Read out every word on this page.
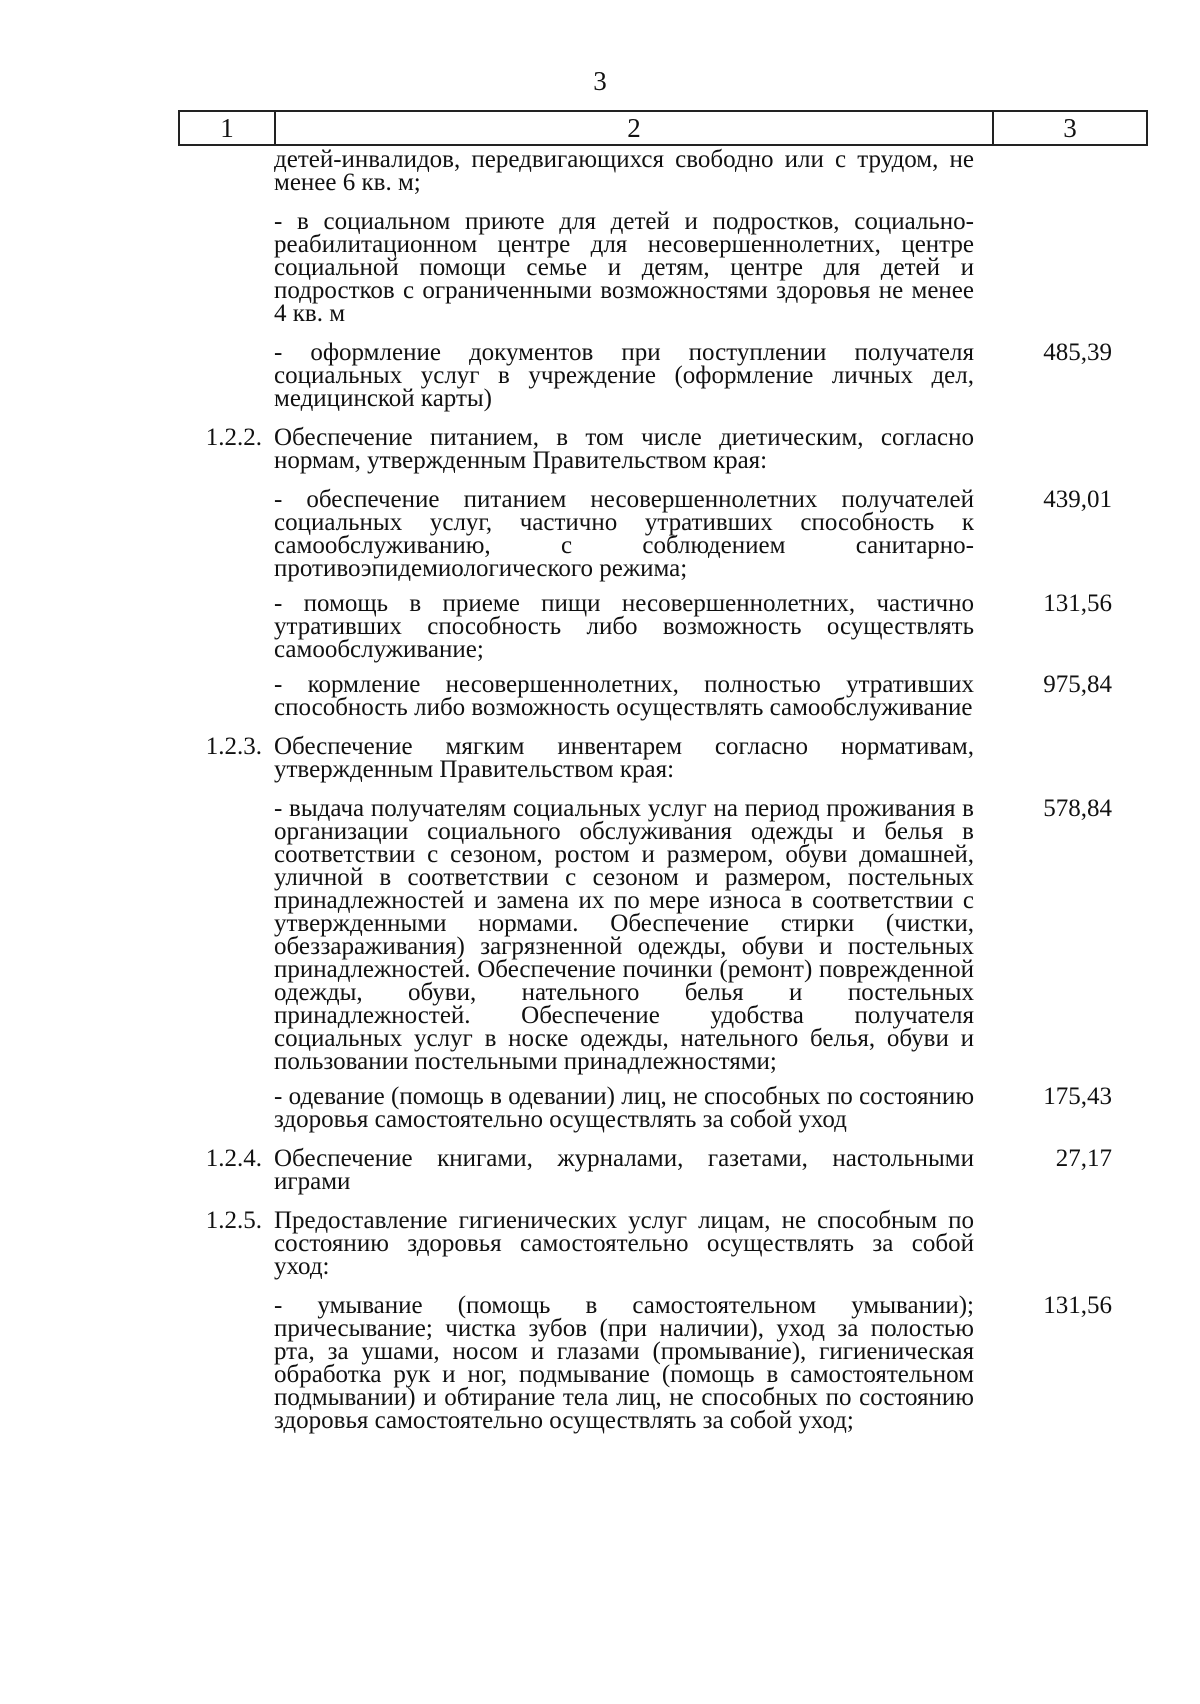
3
1	2	3
детей-инвалидов, передвигающихся свободно или с трудом, не менее 6 кв. м;
- в социальном приюте для детей и подростков, социально-реабилитационном центре для несовершеннолетних, центре социальной помощи семье и детям, центре для детей и подростков с ограниченными возможностями здоровья не менее 4 кв. м
- оформление документов при поступлении получателя социальных услуг в учреждение (оформление личных дел, медицинской карты)
485,39
1.2.2. Обеспечение питанием, в том числе диетическим, согласно нормам, утвержденным Правительством края:
- обеспечение питанием несовершеннолетних получателей социальных услуг, частично утративших способность к самообслуживанию, с соблюдением санитарно-противоэпидемиологического режима;
439,01
- помощь в приеме пищи несовершеннолетних, частично утративших способность либо возможность осуществлять самообслуживание;
131,56
- кормление несовершеннолетних, полностью утративших способность либо возможность осуществлять самообслуживание
975,84
1.2.3. Обеспечение мягким инвентарем согласно нормативам, утвержденным Правительством края:
- выдача получателям социальных услуг на период проживания в организации социального обслуживания одежды и белья в соответствии с сезоном, ростом и размером, обуви домашней, уличной в соответствии с сезоном и размером, постельных принадлежностей и замена их по мере износа в соответствии с утвержденными нормами. Обеспечение стирки (чистки, обеззараживания) загрязненной одежды, обуви и постельных принадлежностей. Обеспечение починки (ремонт) поврежденной одежды, обуви, нательного белья и постельных принадлежностей. Обеспечение удобства получателя социальных услуг в носке одежды, нательного белья, обуви и пользовании постельными принадлежностями;
578,84
- одевание (помощь в одевании) лиц, не способных по состоянию здоровья самостоятельно осуществлять за собой уход
175,43
1.2.4. Обеспечение книгами, журналами, газетами, настольными играми
27,17
1.2.5. Предоставление гигиенических услуг лицам, не способным по состоянию здоровья самостоятельно осуществлять за собой уход:
- умывание (помощь в самостоятельном умывании); причесывание; чистка зубов (при наличии), уход за полостью рта, за ушами, носом и глазами (промывание), гигиеническая обработка рук и ног, подмывание (помощь в самостоятельном подмывании) и обтирание тела лиц, не способных по состоянию здоровья самостоятельно осуществлять за собой уход;
131,56
